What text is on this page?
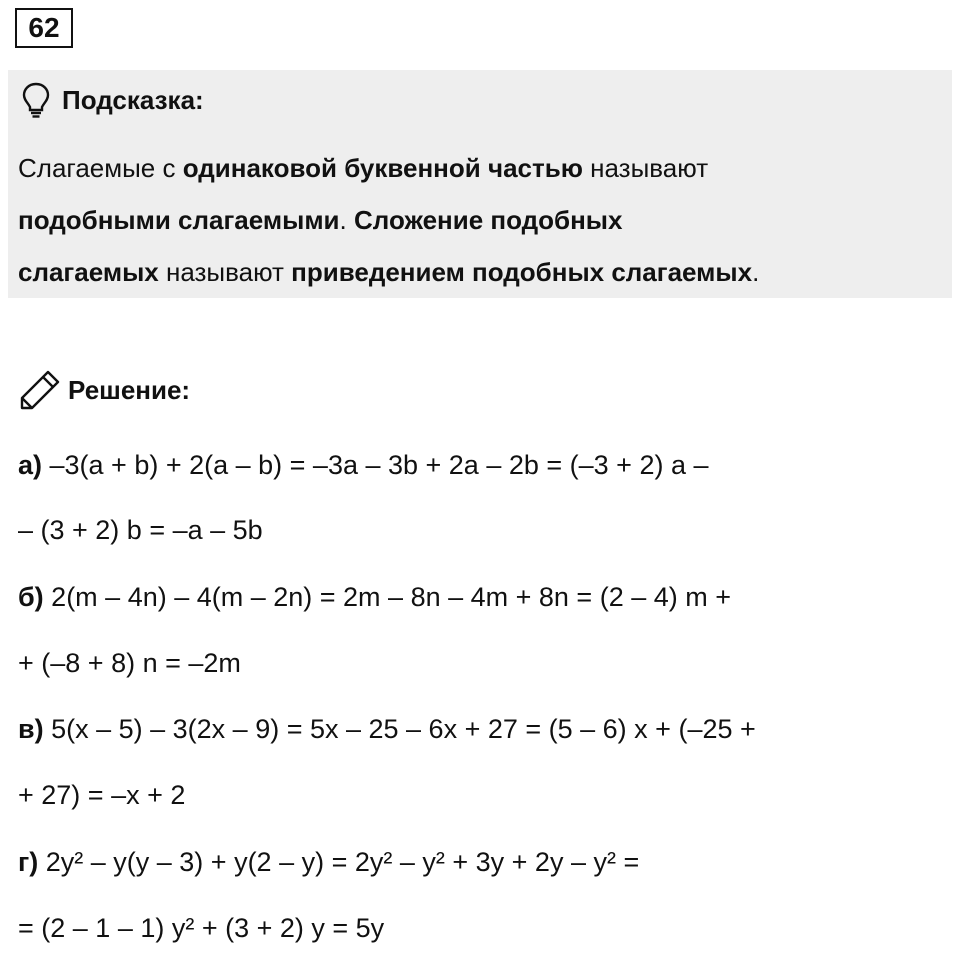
62
Подсказка:
Слагаемые с одинаковой буквенной частью называют
подобными слагаемыми. Сложение подобных
слагаемых называют приведением подобных слагаемых.
Решение:
а) –3(a + b) + 2(a – b) = –3a – 3b + 2a – 2b = (–3 + 2) a –
– (3 + 2) b = –a – 5b
б) 2(m – 4n) – 4(m – 2n) = 2m – 8n – 4m + 8n = (2 – 4) m +
+ (–8 + 8) n = –2m
в) 5(x – 5) – 3(2x – 9) = 5x – 25 – 6x + 27 = (5 – 6) x + (–25 +
+ 27) = –x + 2
г) 2y² – y(y – 3) + y(2 – y) = 2y² – y² + 3y + 2y – y² =
= (2 – 1 – 1) y² + (3 + 2) y = 5y
